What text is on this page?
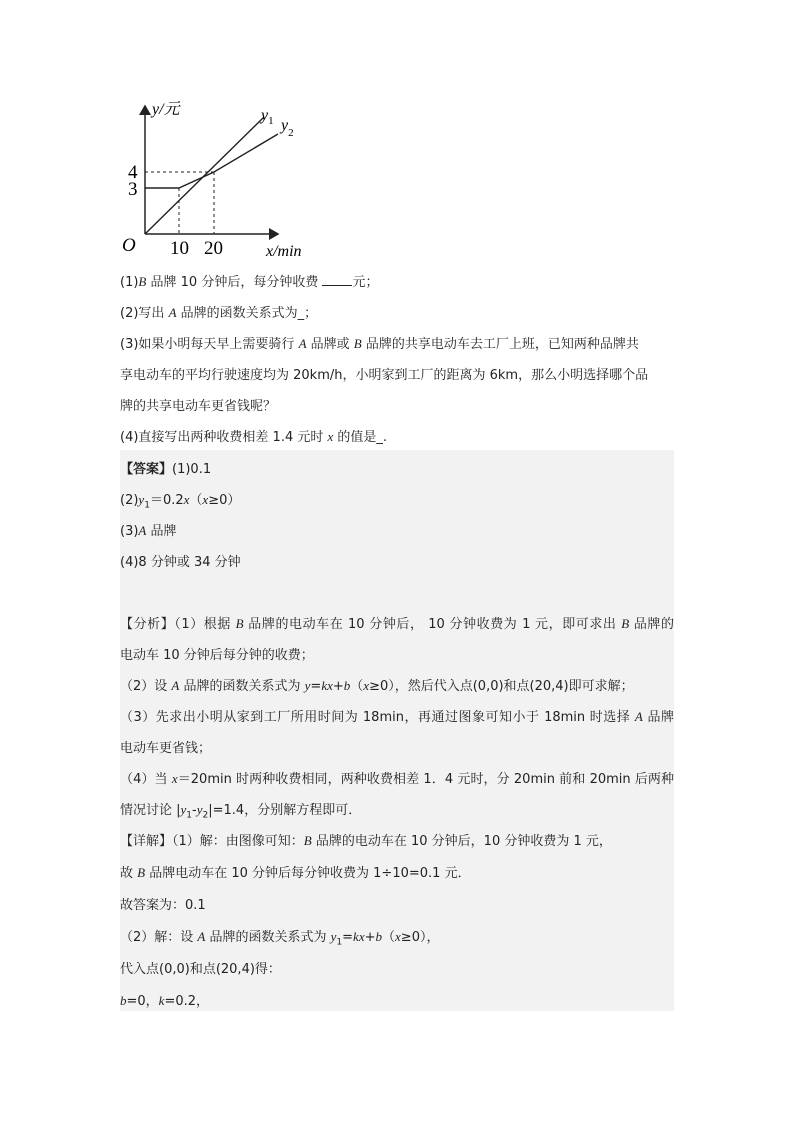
y/元
x/min
O
3
4
10 20
$y_1$ $y_2$
(1)B 品牌 10 分钟后，每分钟收费 元；
(2)写出 A 品牌的函数关系式为_；
(3)如果小明每天早上需要骑行 A 品牌或 B 品牌的共享电动车去工厂上班，已知两种品牌共
享电动车的平均行驶速度均为 20km/h，小明家到工厂的距离为 6km，那么小明选择哪个品
牌的共享电动车更省钱呢？
(4)直接写出两种收费相差 1.4 元时 x 的值是_.
【答案】(1)0.1
$(2)y_1=0.2x(x\ge 0)$
(3)A 品牌
(4)8 分钟或 34 分钟
【分析】（1）根据 B 品牌的电动车在 10 分钟后， 10 分钟收费为 1 元，即可求出 B 品牌的
电动车 10 分钟后每分钟的收费；
（2）设 A 品牌的函数关系式为 y=kx+b（x≥0），然后代入点(0,0)和点(20,4)即可求解；
（3）先求出小明从家到工厂所用时间为 18min，再通过图象可知小于 18min 时选择 A 品牌
电动车更省钱；
（4）当 x＝20min 时两种收费相同，两种收费相差 1．4 元时，分 20min 前和 20min 后两种
情况讨论 $|y_1-y_2|=1.4$，分别解方程即可．
【详解】（1）解：由图像可知：B 品牌的电动车在 10 分钟后，10 分钟收费为 1 元，
故 B 品牌电动车在 10 分钟后每分钟收费为 1÷10=0.1 元．
故答案为：0.1
（2）解：设 A 品牌的函数关系式为 $y_1=kx+b(x\ge 0)$，
代入点(0,0)和点(20,4)得：
b=0，k=0.2，
